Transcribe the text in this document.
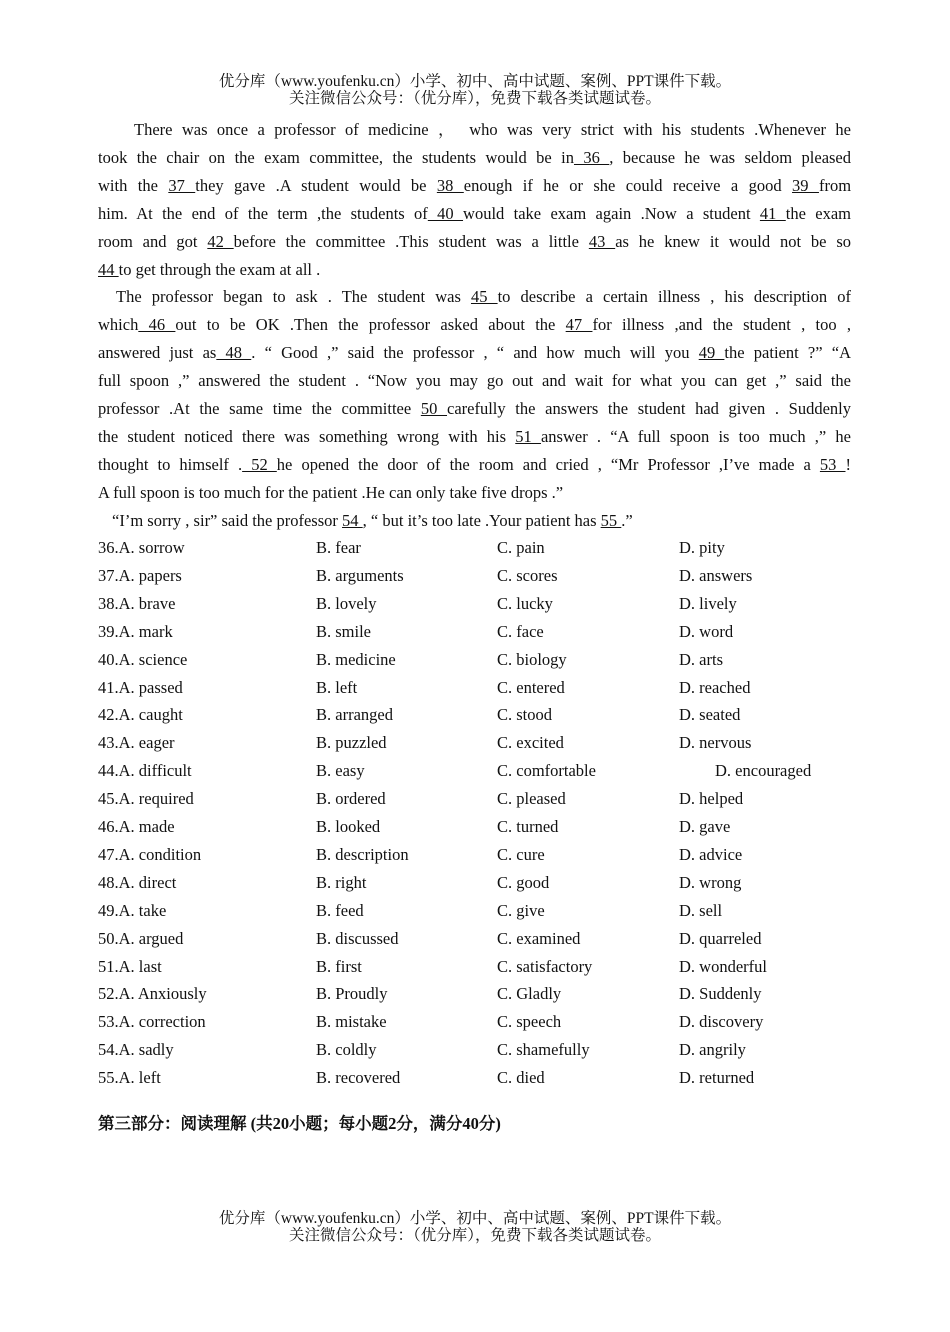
优分库（www.youfenku.cn）小学、初中、高中试题、案例、PPT课件下载。
关注微信公众号：（优分库），免费下载各类试题试卷。
There was once a professor of medicine ， who was very strict with his students .Whenever he
took the chair on the exam committee, the students would be in 36 , because he was seldom pleased
with the 37 they gave .A student would be 38 enough if he or she could receive a good 39 from
him. At the end of the term ,the students of 40 would take exam again .Now a student 41 the exam
room and got 42 before the committee .This student was a little 43 as he knew it would not be so
44 to get through the exam at all .
The professor began to ask . The student was 45 to describe a certain illness , his description of
which 46 out to be OK .Then the professor asked about the 47 for illness ,and the student , too ,
answered just as 48 . “ Good ,” said the professor , “ and how much will you 49 the patient ?” “A
full spoon ,” answered the student . “Now you may go out and wait for what you can get ,” said the
professor .At the same time the committee 50 carefully the answers the student had given . Suddenly
the student noticed there was something wrong with his 51 answer . “A full spoon is too much ,” he
thought to himself . 52 he opened the door of the room and cried , “Mr Professor ,I’ve made a 53 !
A full spoon is too much for the patient .He can only take five drops .”
“I’m sorry , sir” said the professor 54 , “ but it’s too late .Your patient has 55 .”
36.A. sorrow	B. fear	C. pain	D. pity
37.A. papers	B. arguments	C. scores	D. answers
38.A. brave	B. lovely	C. lucky	D. lively
39.A. mark	B. smile	C. face	D. word
40.A. science	B. medicine	C. biology	D. arts
41.A. passed	B. left	C. entered	D. reached
42.A. caught	B. arranged	C. stood	D. seated
43.A. eager	B. puzzled	C. excited	D. nervous
44.A. difficult	B. easy	C. comfortable	D. encouraged
45.A. required	B. ordered	C. pleased	D. helped
46.A. made	B. looked	C. turned	D. gave
47.A. condition	B. description	C. cure	D. advice
48.A. direct	B. right	C. good	D. wrong
49.A. take	B. feed	C. give	D. sell
50.A. argued	B. discussed	C. examined	D. quarreled
51.A. last	B. first	C. satisfactory	D. wonderful
52.A. Anxiously	B. Proudly	C. Gladly	D. Suddenly
53.A. correction	B. mistake	C. speech	D. discovery
54.A. sadly	B. coldly	C. shamefully	D. angrily
55.A. left	B. recovered	C. died	D. returned
第三部分：阅读理解 (共20小题；每小题2分，满分40分)
优分库（www.youfenku.cn）小学、初中、高中试题、案例、PPT课件下载。
关注微信公众号：（优分库），免费下载各类试题试卷。
